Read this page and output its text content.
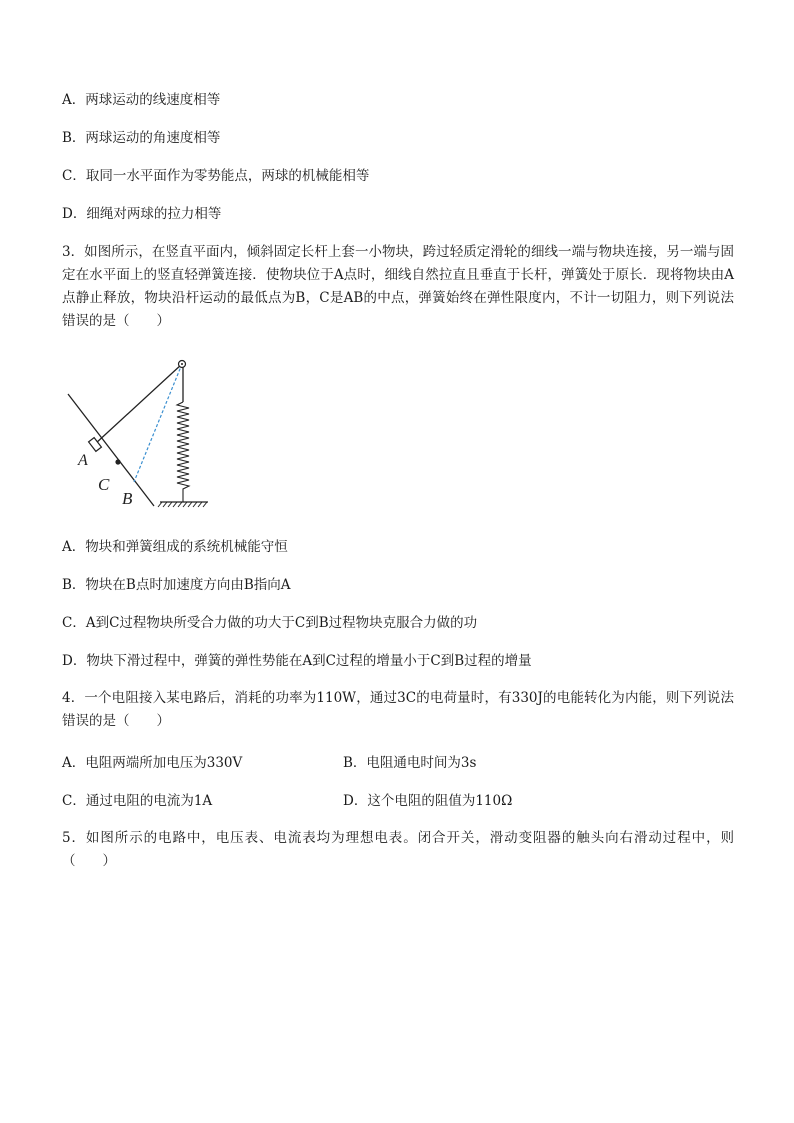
A．两球运动的线速度相等

B．两球运动的角速度相等

C．取同一水平面作为零势能点，两球的机械能相等

D．细绳对两球的拉力相等

3．如图所示，在竖直平面内，倾斜固定长杆上套一小物块，跨过轻质定滑轮的细线一端与物块连接，另一端与固定在水平面上的竖直轻弹簧连接．使物块位于A点时，细线自然拉直且垂直于长杆，弹簧处于原长．现将物块由A点静止释放，物块沿杆运动的最低点为B，C是AB的中点，弹簧始终在弹性限度内，不计一切阻力，则下列说法错误的是（　　）

A
C
B

A．物块和弹簧组成的系统机械能守恒

B．物块在B点时加速度方向由B指向A

C．A到C过程物块所受合力做的功大于C到B过程物块克服合力做的功

D．物块下滑过程中，弹簧的弹性势能在A到C过程的增量小于C到B过程的增量

4．一个电阻接入某电路后，消耗的功率为110W，通过3C的电荷量时，有330J的电能转化为内能，则下列说法错误的是（　　）

A．电阻两端所加电压为330V	B．电阻通电时间为3s

C．通过电阻的电流为1A	D．这个电阻的阻值为110Ω

5．如图所示的电路中，电压表、电流表均为理想电表。闭合开关，滑动变阻器的触头向右滑动过程中，则（　　）
